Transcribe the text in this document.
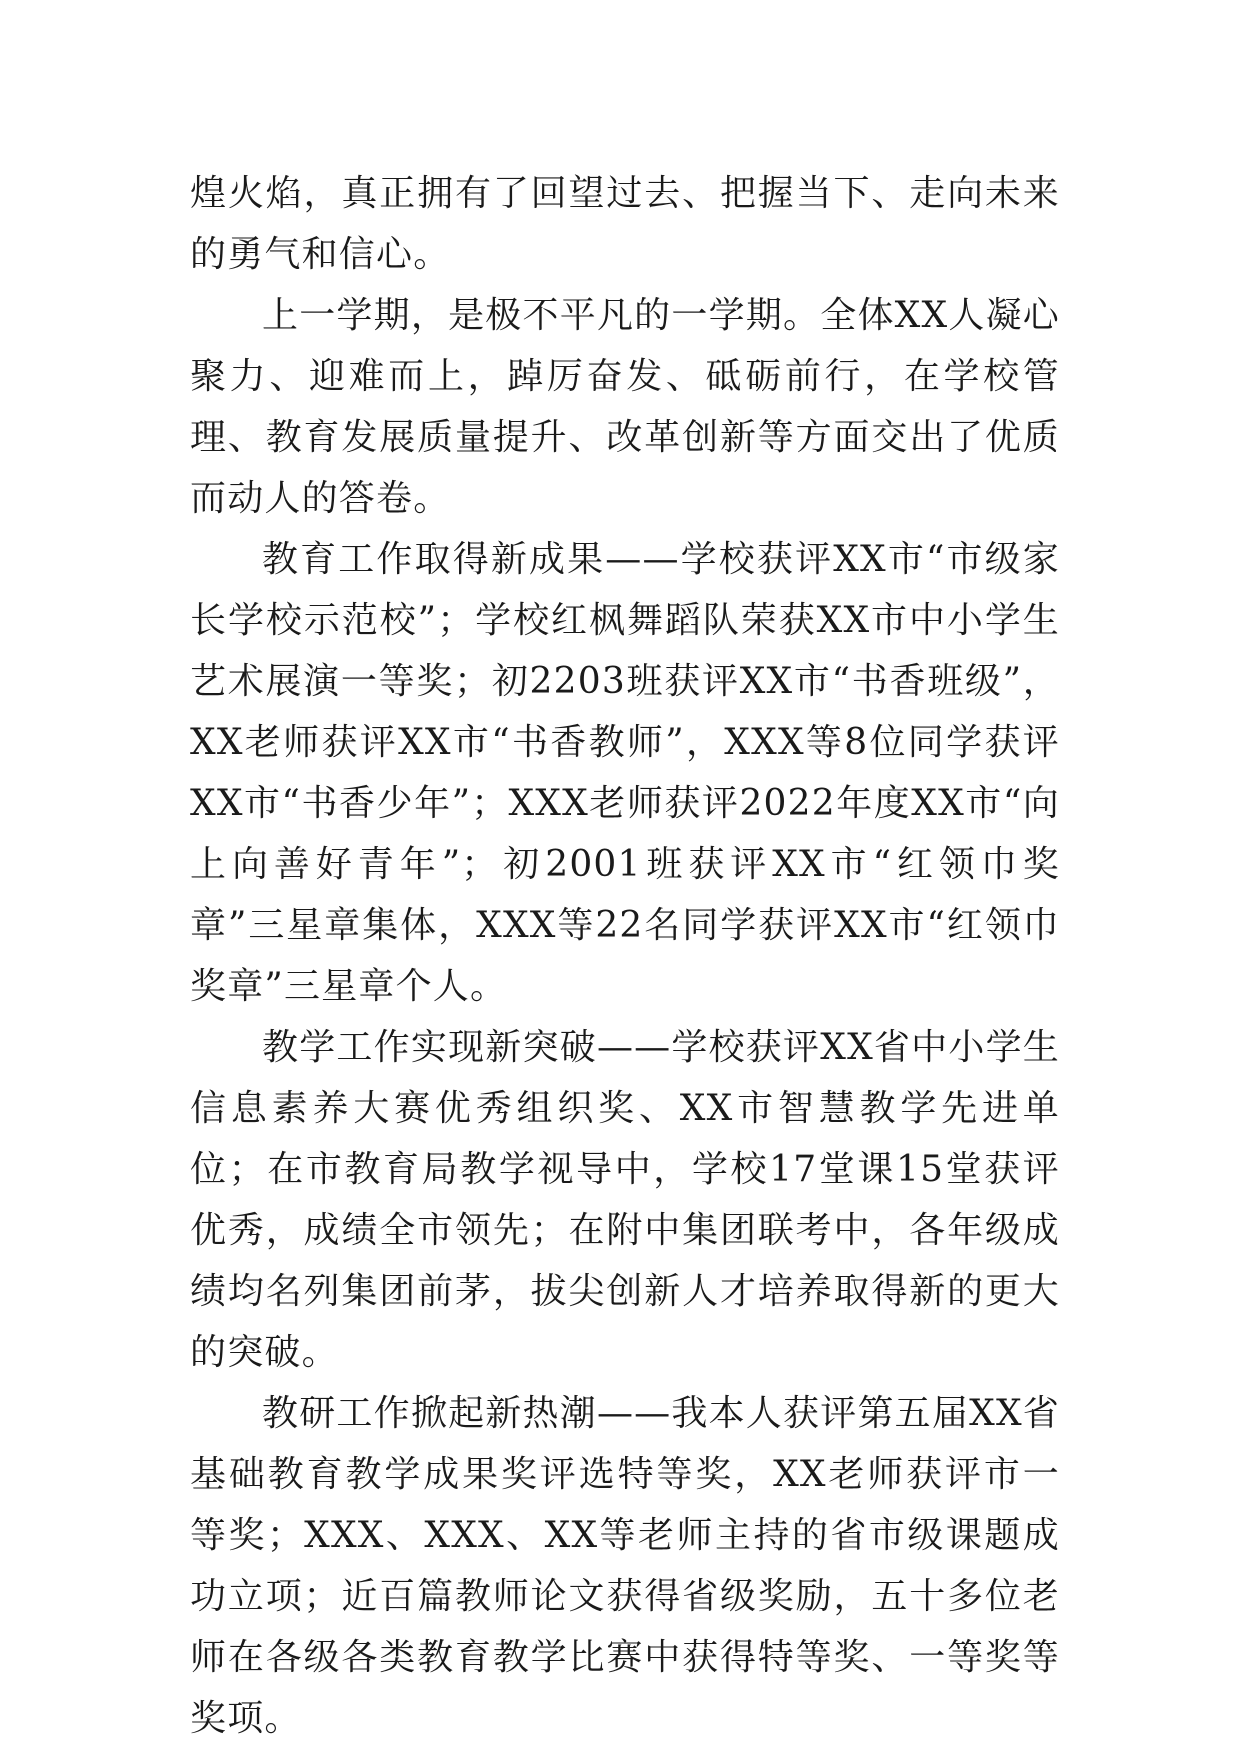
煌火焰，真正拥有了回望过去、把握当下、走向未来的勇气和信心。

上一学期，是极不平凡的一学期。全体XX人凝心聚力、迎难而上，踔厉奋发、砥砺前行，在学校管理、教育发展质量提升、改革创新等方面交出了优质而动人的答卷。

教育工作取得新成果——学校获评XX市“市级家长学校示范校”；学校红枫舞蹈队荣获XX市中小学生艺术展演一等奖；初2203班获评XX市“书香班级”，XX老师获评XX市“书香教师”，XXX等8位同学获评XX市“书香少年”；XXX老师获评2022年度XX市“向上向善好青年”；初2001班获评XX市“红领巾奖章”三星章集体，XXX等22名同学获评XX市“红领巾奖章”三星章个人。

教学工作实现新突破——学校获评XX省中小学生信息素养大赛优秀组织奖、XX市智慧教学先进单位；在市教育局教学视导中，学校17堂课15堂获评优秀，成绩全市领先；在附中集团联考中，各年级成绩均名列集团前茅，拔尖创新人才培养取得新的更大的突破。

教研工作掀起新热潮——我本人获评第五届XX省基础教育教学成果奖评选特等奖，XX老师获评市一等奖；XXX、XXX、XX等老师主持的省市级课题成功立项；近百篇教师论文获得省级奖励，五十多位老师在各级各类教育教学比赛中获得特等奖、一等奖等奖项。
